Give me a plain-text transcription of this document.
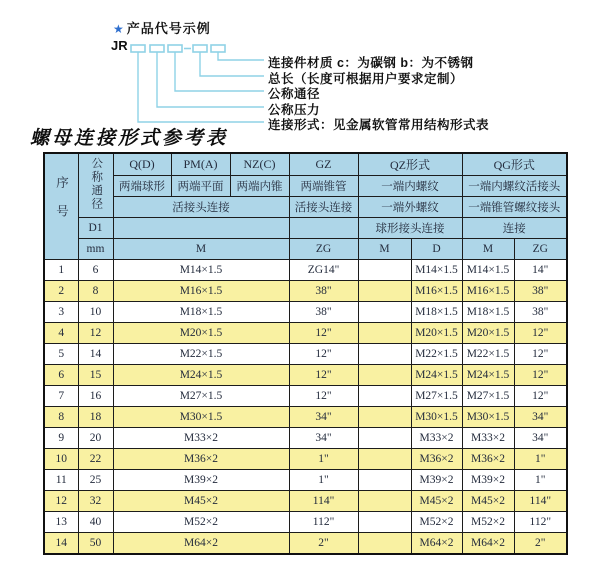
★ 产品代号示例
JR
连接件材质 c：为碳钢 b：为不锈钢
总长（长度可根据用户要求定制）
公称通径
公称压力
连接形式：见金属软管常用结构形式表
螺母连接形式参考表
序号	公称通径	Q(D)	PM(A)	NZ(C)	GZ	QZ形式		QG形式	
		两端球形	两端平面	两端内锥	两端锥管	一端内螺纹		一端内螺纹活接头	
		活接头连接			活接头连接	一端外螺纹		一端锥管螺纹接头	
	D1					球形接头连接		连接	
	mm	M			ZG	M	D	M	ZG
1	6	M14×1.5			ZG14"		M14×1.5	M14×1.5	14"
2	8	M16×1.5			38"		M16×1.5	M16×1.5	38"
3	10	M18×1.5			38"		M18×1.5	M18×1.5	38"
4	12	M20×1.5			12"		M20×1.5	M20×1.5	12"
5	14	M22×1.5			12"		M22×1.5	M22×1.5	12"
6	15	M24×1.5			12"		M24×1.5	M24×1.5	12"
7	16	M27×1.5			12"		M27×1.5	M27×1.5	12"
8	18	M30×1.5			34"		M30×1.5	M30×1.5	34"
9	20	M33×2			34"		M33×2	M33×2	34"
10	22	M36×2			1"		M36×2	M36×2	1"
11	25	M39×2			1"		M39×2	M39×2	1"
12	32	M45×2			114"		M45×2	M45×2	114"
13	40	M52×2			112"		M52×2	M52×2	112"
14	50	M64×2			2"		M64×2	M64×2	2"
